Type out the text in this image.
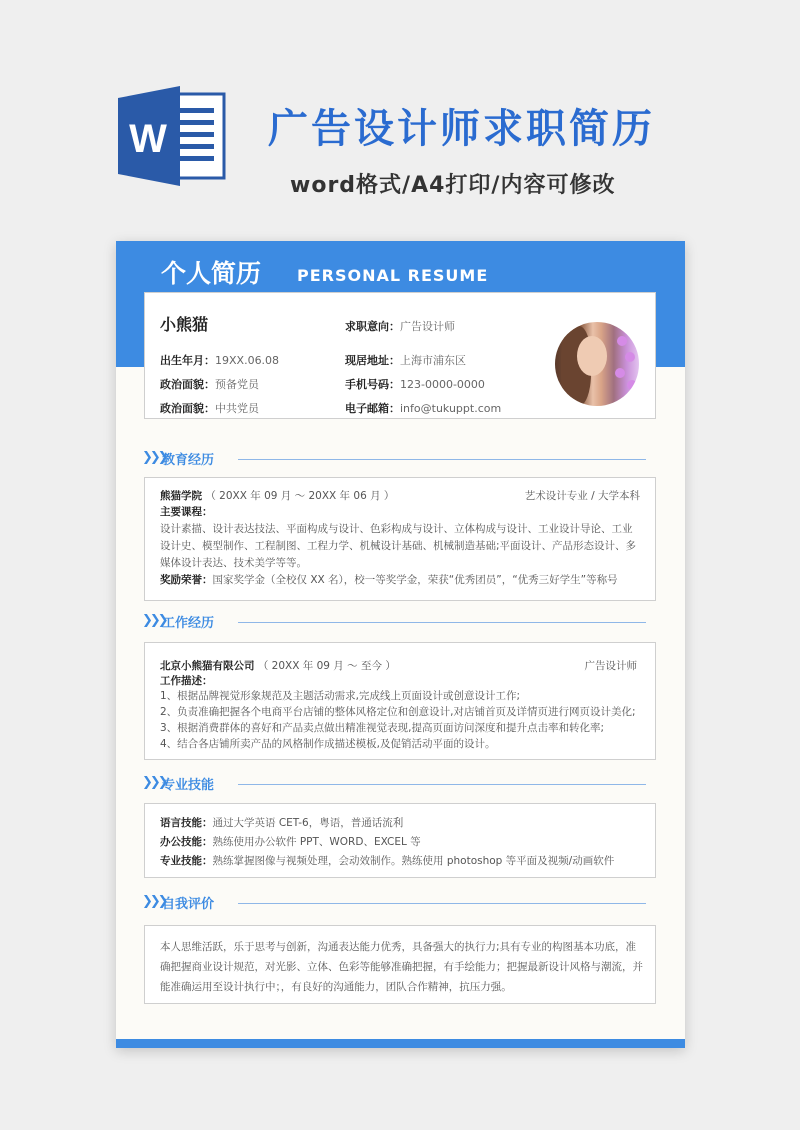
W	广告设计师求职简历
word格式/A4打印/内容可修改
个人简历 PERSONAL RESUME
小熊猫
出生年月：19XX.06.08
政治面貌：预备党员
政治面貌：中共党员
求职意向：广告设计师
现居地址：上海市浦东区
手机号码：123-0000-0000
电子邮箱：info@tukuppt.com
❯❯❯
教育经历
熊猫学院 （ 20XX 年 09 月 ～ 20XX 年 06 月 ）	艺术设计专业 / 大学本科
主要课程：
设计素描、设计表达技法、平面构成与设计、色彩构成与设计、立体构成与设计、工业设计导论、工业
设计史、模型制作、工程制图、工程力学、机械设计基础、机械制造基础;平面设计、产品形态设计、多
媒体设计表达、技术美学等等。
奖励荣誉：国家奖学金（全校仅 XX 名），校一等奖学金，荣获“优秀团员”，“优秀三好学生”等称号
❯❯❯
工作经历
北京小熊猫有限公司 （ 20XX 年 09 月 ～ 至今 ）	广告设计师
工作描述：
1、根据品牌视觉形象规范及主题活动需求,完成线上页面设计或创意设计工作;
2、负责准确把握各个电商平台店铺的整体风格定位和创意设计,对店铺首页及详情页进行网页设计美化;
3、根据消费群体的喜好和产品卖点做出精准视觉表现,提高页面访问深度和提升点击率和转化率;
4、结合各店铺所卖产品的风格制作成描述模板,及促销活动平面的设计。
❯❯❯
专业技能
语言技能：通过大学英语 CET-6，粤语，普通话流利
办公技能：熟练使用办公软件 PPT、WORD、EXCEL 等
专业技能：熟练掌握图像与视频处理，会动效制作。熟练使用 photoshop 等平面及视频/动画软件
❯❯❯
自我评价
本人思维活跃，乐于思考与创新，沟通表达能力优秀，具备强大的执行力;具有专业的构图基本功底，准
确把握商业设计规范，对光影、立体、色彩等能够准确把握，有手绘能力；把握最新设计风格与潮流，并
能准确运用至设计执行中；，有良好的沟通能力，团队合作精神，抗压力强。
